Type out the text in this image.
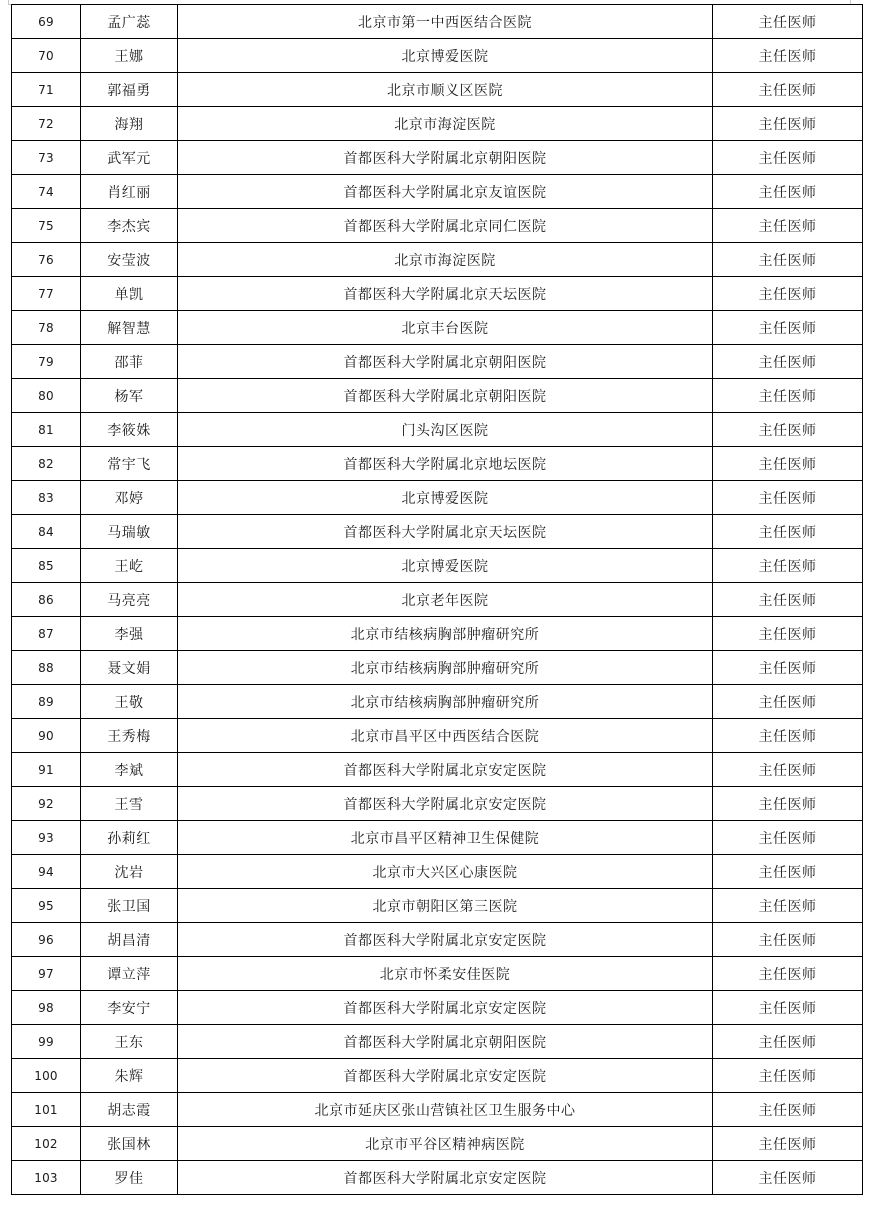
69	孟广蕊	北京市第一中西医结合医院	主任医师
70	王娜	北京博爱医院	主任医师
71	郭福勇	北京市顺义区医院	主任医师
72	海翔	北京市海淀医院	主任医师
73	武军元	首都医科大学附属北京朝阳医院	主任医师
74	肖红丽	首都医科大学附属北京友谊医院	主任医师
75	李杰宾	首都医科大学附属北京同仁医院	主任医师
76	安莹波	北京市海淀医院	主任医师
77	单凯	首都医科大学附属北京天坛医院	主任医师
78	解智慧	北京丰台医院	主任医师
79	邵菲	首都医科大学附属北京朝阳医院	主任医师
80	杨军	首都医科大学附属北京朝阳医院	主任医师
81	李筱姝	门头沟区医院	主任医师
82	常宇飞	首都医科大学附属北京地坛医院	主任医师
83	邓婷	北京博爱医院	主任医师
84	马瑞敏	首都医科大学附属北京天坛医院	主任医师
85	王屹	北京博爱医院	主任医师
86	马亮亮	北京老年医院	主任医师
87	李强	北京市结核病胸部肿瘤研究所	主任医师
88	聂文娟	北京市结核病胸部肿瘤研究所	主任医师
89	王敬	北京市结核病胸部肿瘤研究所	主任医师
90	王秀梅	北京市昌平区中西医结合医院	主任医师
91	李斌	首都医科大学附属北京安定医院	主任医师
92	王雪	首都医科大学附属北京安定医院	主任医师
93	孙莉红	北京市昌平区精神卫生保健院	主任医师
94	沈岩	北京市大兴区心康医院	主任医师
95	张卫国	北京市朝阳区第三医院	主任医师
96	胡昌清	首都医科大学附属北京安定医院	主任医师
97	谭立萍	北京市怀柔安佳医院	主任医师
98	李安宁	首都医科大学附属北京安定医院	主任医师
99	王东	首都医科大学附属北京朝阳医院	主任医师
100	朱辉	首都医科大学附属北京安定医院	主任医师
101	胡志霞	北京市延庆区张山营镇社区卫生服务中心	主任医师
102	张国林	北京市平谷区精神病医院	主任医师
103	罗佳	首都医科大学附属北京安定医院	主任医师
